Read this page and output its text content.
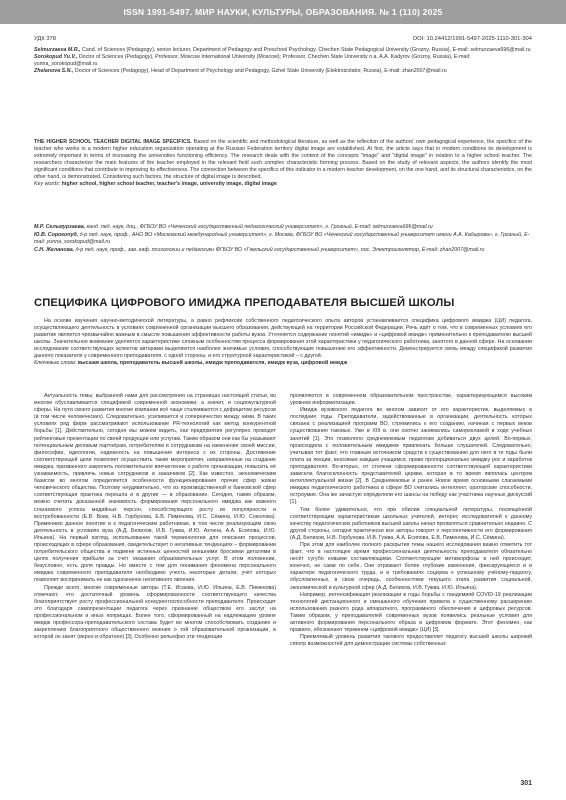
ISSN 1991-5497. МИР НАУКИ, КУЛЬТУРЫ, ОБРАЗОВАНИЯ. № 1 (110) 2025
УДК 378	DOI: 10.24412/1991-5497-2025-1110-301-304

Selmurzaeva M.R., Cand. of Sciences (Pedagogy), senior lecturer, Department of Pedagogy and Preschool Psychology, Chechen State Pedagogical University (Grozny, Russia), E-mail: selmurzaeva696@mail.ru

Sorokopud Yu.V., Doctor of Sciences (Pedagogy), Professor, Moscow International University (Moscow); Professor, Chechen State University n.a. A.A. Kadyrov (Grozny, Russia), E-mail: yunna_sorokopud@mail.ru

Zhelanova S.N., Doctor of Sciences (Pedagogy), Head of Department of Psychology and Pedagogy, Gzhel State University (Elektroizolator, Russia), E-mail: zhan2007@mail.ru

THE HIGHER SCHOOL TEACHER DIGITAL IMAGE SPECIFICS. Based on the scientific and methodological literature, as well as the reflection of the authors' own pedagogical experience, the specifics of the teacher who works in a modern higher education organization operating at the Russian Federation territory digital image are established. At first, the article says that in modern conditions its development is extremely important in terms of increasing the universities functioning efficiency. The research deals with the content of the concepts "image" and "digital image" in relation to a higher school teacher. The researchers characterize the main features of the teacher employed in the relevant field such complex characteristic forming process. Based on the study of relevant aspects, the authors identify the most significant conditions that contribute to improving its effectiveness. The connection between the specifics of this indicator in a modern teacher development, on the one hand, and its structural characteristics, on the other hand, is demonstrated. Considering such factors, the structure of digital image is described.
Key words: higher school, higher school teacher, teacher's image, university image, digital image

М.Р. Сельмурзаева, канд. пед. наук, доц., ФГБОУ ВО «Чеченский государственный педагогический университет», г. Грозный, E-mail: selmurzaeva696@mail.ru

Ю.В. Сорокопуд, д-р пед. наук, проф., АНО ВО «Московский международный университет», г. Москва, ФГБОУ ВО «Чеченский государственный университет имени А.А. Кадырова», г. Грозный, E-mail: yunna_sorokopud@mail.ru

С.Н. Желанова, д-р пед. наук, проф., зав. каф. психологии и педагогики ФГБОУ ВО «Гжельский государственный университет», пос. Электроизолятор, E-mail: zhan2007@mail.ru

СПЕЦИФИКА ЦИФРОВОГО ИМИДЖА ПРЕПОДАВАТЕЛЯ ВЫСШЕЙ ШКОЛЫ
На основе изучения научно-методической литературы, а равно рефлексии собственного педагогического опыта авторов устанавливается специфика цифрового имиджа (ЦИ) педагога, осуществляющего деятельность в условиях современной организации высшего образования, действующей на территории Российской Федерации. Речь идёт о том, что в современных условиях его развитие является чрезвычайно важным в смысле повышения эффективности работы вузов. Уточняется содержание понятий «имидж» и «цифровой имидж» применительно к преподавателю высшей школы. Значительное внимание уделяется характеристике сложным особенностям процесса формирования этой характеристики у педагогического работника, занятого в данной сфере. На основании исследования соответствующих аспектов авторами выделяются наиболее значимые условия, способствующие повышению его эффективности. Демонстрируется связь между спецификой развития данного показателя у современного преподавателя, с одной стороны, и его структурной характеристикой – с другой.
Ключевые слова: высшая школа, преподаватель высшей школы, имидж преподавателя, имидж вуза, цифровой имидж

Актуальность темы, выбранной нами для рассмотрения на страницах настоящей статьи, во многом обуславливается спецификой современной экономики, а значит, и социокультурной сферы. На пути своего развития многие компании всё чаще сталкиваются с дефицитом ресурсов (в том числе человеческих). Следовательно, усиливается и соперничество между ними. В таких условиях ряд фирм рассматривают использование PR-технологий как метод конкурентной борьбы [1]. Действительно, сегодня мы можем видеть, как предприятия регулярно проводят рейтинговые презентации по своей продукции или услугам. Таким образом они как бы указывают потенциальным деловым партнёрам, потребителям и сотрудникам на изменение своей миссии, философии, идеологии, надежность на повышение интереса с их стороны. Достижение соответствующей цели позволяет осуществить такие мероприятия, направленные на создание имиджа, призванного закрепить положительное впечатление о работе организации, повысить её узнаваемость, привлечь новых сотрудников и заказчиков [2]. Как известно, экономическим базисом во многом определяется особенности функционирования прочих сфер жизни человеческого общества. Поэтому неудивительно, что из производственной и банковской сфер соответствующая практика перешла и в другие — в образование. Сегодня, таким образом, можно считать доказанной значимость формирования персонального имиджа как важного слагаемого успеха медийных персон, способствующего росту их популярности и востребованности (Е.В. Вовк, Н.В. Горбунова, Е.В. Пименова, И.С. Сёмина, И.Ю. Соколова). Применимо данное понятие и к педагогическим работникам, в том числе реализующим свою деятельность в условиях вуза (А.Д. Белихов, И.В. Гужва, И.Ю. Ахтина, А.А. Есипова, И.Ю. Ильина). На первый взгляд, использование такой терминологии для описания процессов, происходящих в сфере образования, свидетельствует о негативных тенденциях – формировании потребительского общества и подмене истинных ценностей внешними броскими деталями в целях получения прибыли за счёт оказания образовательных услуг. В этом положении, безусловно, есть доля правды. Но вместе с тем для понимания феномена персонального имиджа современного преподавателя необходимо учесть некоторые детали, учёт которых позволяет воспринимать не как однозначно негативного явления.

Прежде всего, многие современные авторы (Т.Е. Исаева, И.Ю. Ильина, Е.В. Пименова) отмечают, что достаточный уровень сформированности соответствующего качества благоприятствует росту профессиональной конкурентоспособности преподавателя. Происходит это благодаря самопрезентации педагога через признание обществом его заслуг на профессиональном и иных поприщах. Более того, сформированный на надлежащем уровне имидж профессора-преподавательского состава будет во многом способствовать созданию и закреплению благоприятного общественного мнения о той образовательной организации, в которой он занят (верно и обратное) [3]. Особенно рельефно эти тенденции

проявляются в современном образовательном пространстве, характеризующемся высоким уровнем информатизации.

Имидж вузовского педагога во многом зависит от его характеристик, выделяемых в последние годы. Преподаватели, задействованные в организации, деятельность которых связана с реализацией программ ВО, стремились к его созданию, начиная с первых веков существования таковых. Уже в XIII в. они охотно занимались саморекламой в ходе учебных занятий [1]. Это позволяло средневековым педагогам добиваться двух целей. Во-первых, происходила с положительным имиджем привлекать больше слушателей. Следовательно, учитывая тот факт, что главным источником средств к существованию для него в те годы были плата за лекции, вносимая каждым учащимся, право пропорционально имиджу рос и заработок преподавателя. Во-вторых, от степени сформированности соответствующей характеристики зависела благосклонность представителей церкви, которая в то время являлась центром интеллектуальной жизни [2]. В Средневековье и ранее Новое время основными слагаемыми имиджа педагогического работника в сфере ВО считались интеллект, ораторские способности, остроумие. Она же зачастую определяли его шансы на победу как участника научных дискуссий [1].

Тем более удивительно, что при обилии специальной литературы, посвящённой соответствующим характеристикам школьных учителей, интерес исследователей к данному качеству педагогических работников высшей школы начал проявляться сравнительно недавно. С другой стороны, сегодня практически все авторы говорят о перспективности его формирования (А.Д. Белихов, Н.В. Горбунова, И.В. Гужва, А.А. Есипова, Е.В. Пименова, И.С. Сёмина).

При этом для наиболее полного раскрытия темы нашего исследования важно отметить тот факт, что в настоящее время профессиональная деятельность преподавателя обязательно несёт сугубо новыми составляющими. Соответствующие метаморфозы в ней происходит, конечно, не сами по себе. Они отражают более глубокие изменения, фиксирующиеся и в характере педагогического труда, и в требованиях социума к успешному учёному-педагогу, обусловленных, в свою очередь, особенностями текущего этапа развития социальной, экономической и культурной сфер (А.Д. Белихов, И.В. Гужва, И.Ю. Ильина).

Например, интенсификация реализации в годы борьбы с пандемией COVID-19 реализации технологий дистанционного и смешанного обучения привела к существенному расширению использования разного рода аппаратного, программного обеспечения и цифровых ресурсов. Таким образом, у преподавателей современных вузов появились реальные условия для активного формирования персонального образа в цифровом формате. Этот феномен, как правило, обозначают термином «цифровой имидж» (ЦИ) [3].

Приемлемый уровень развития такового предоставляет педагогу высшей школы широкий спектр возможностей для демонстрации системы собственных

301
